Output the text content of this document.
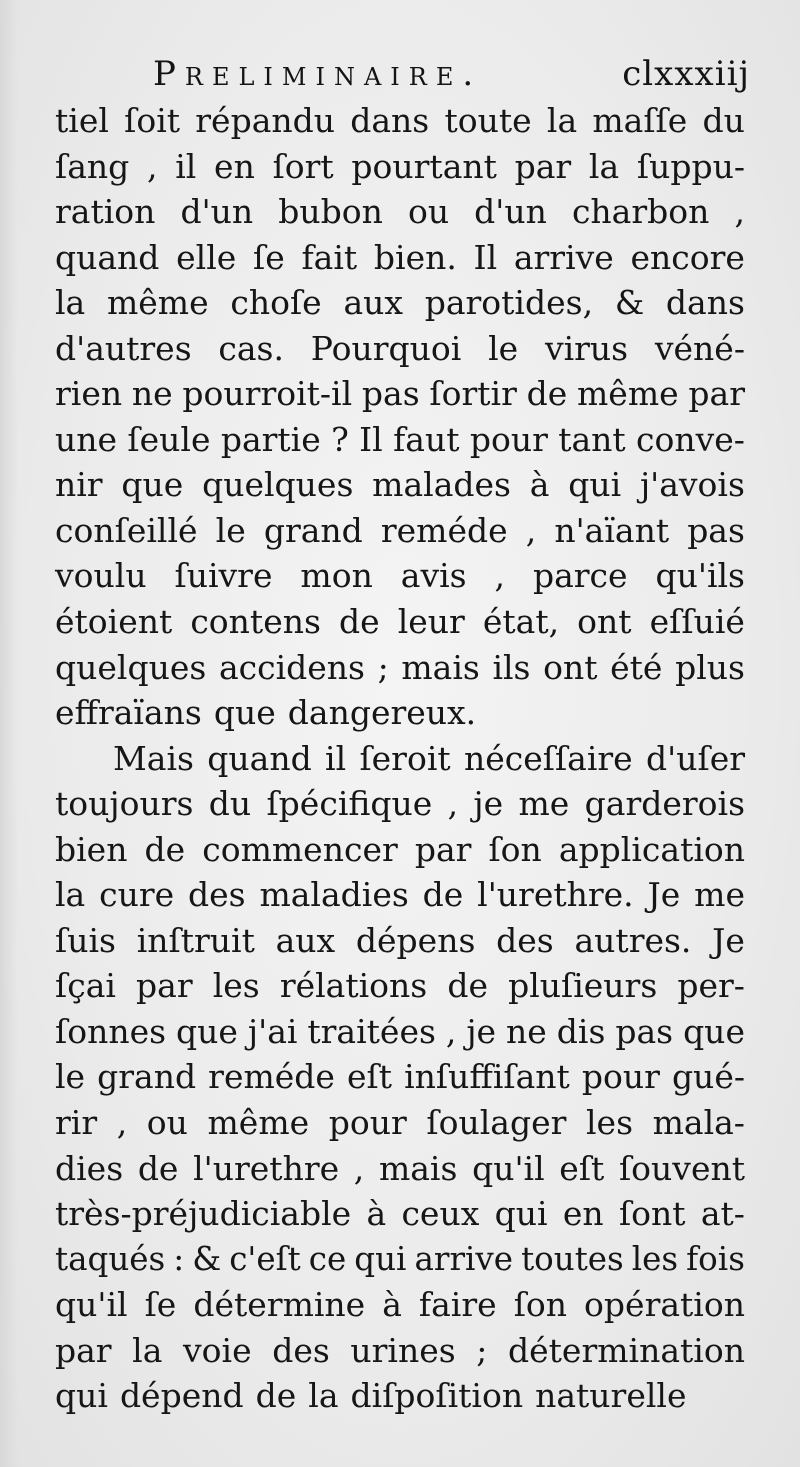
Preliminaire.	clxxxiij
tiel ſoit répandu dans toute la maſſe du
ſang , il en ſort pourtant par la ſuppu-
ration d'un bubon ou d'un charbon ,
quand elle ſe fait bien. Il arrive encore
la même choſe aux parotides, & dans
d'autres cas. Pourquoi le virus véné-
rien ne pourroit-il pas ſortir de même par
une ſeule partie ? Il faut pour tant conve-
nir que quelques malades à qui j'avois
conſeillé le grand reméde , n'aïant pas
voulu ſuivre mon avis , parce qu'ils
étoient contens de leur état, ont eſſuié
quelques accidens ; mais ils ont été plus
effraïans que dangereux.
Mais quand il ſeroit néceſſaire d'uſer
toujours du ſpécifique , je me garderois
bien de commencer par ſon application
la cure des maladies de l'urethre. Je me
ſuis inſtruit aux dépens des autres. Je
ſçai par les rélations de pluſieurs per-
ſonnes que j'ai traitées , je ne dis pas que
le grand reméde eſt inſuffiſant pour gué-
rir , ou même pour ſoulager les mala-
dies de l'urethre , mais qu'il eſt ſouvent
très-préjudiciable à ceux qui en ſont at-
taqués : & c'eſt ce qui arrive toutes les fois
qu'il ſe détermine à faire ſon opération
par la voie des urines ; détermination
qui dépend de la diſpoſition naturelle
